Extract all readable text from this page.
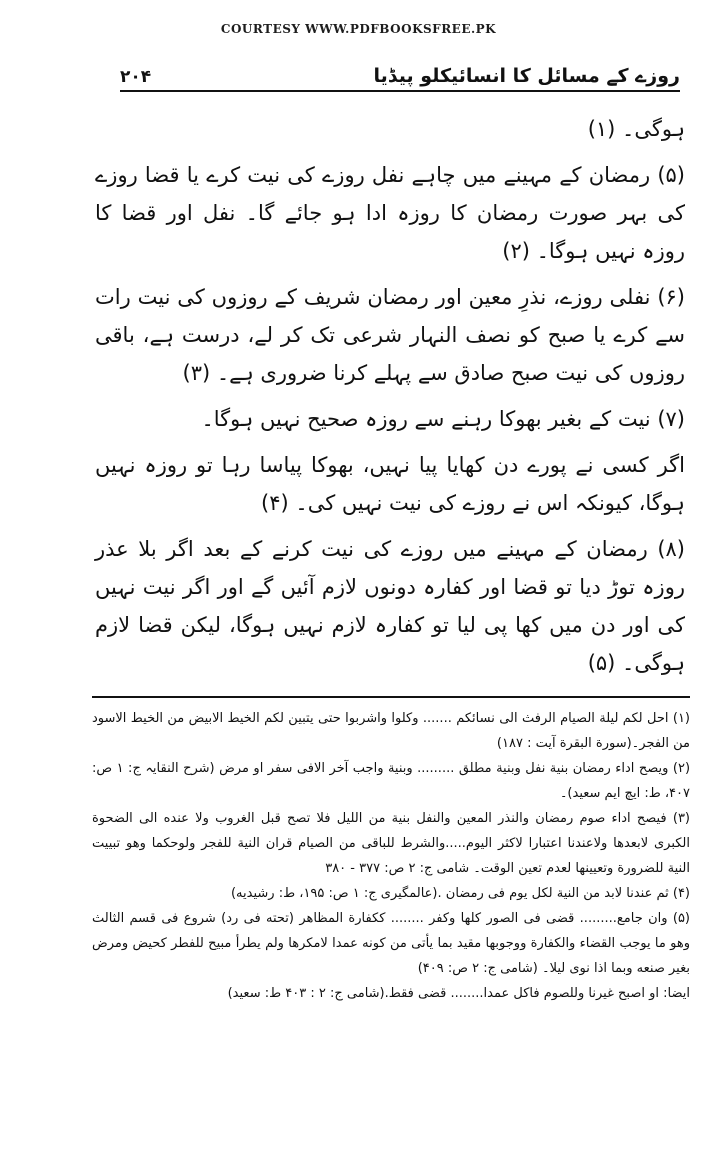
COURTESY WWW.PDFBOOKSFREE.PK
۲۰۴	روزے کے مسائل کا انسائیکلو پیڈیا

ہوگی۔ (۱)

(۵) رمضان کے مہینے میں چاہے نفل روزے کی نیت کرے یا قضا روزے کی بہر صورت رمضان کا روزہ ادا ہو جائے گا۔ نفل اور قضا کا روزہ نہیں ہوگا۔ (۲)

(۶) نفلی روزے، نذرِ معین اور رمضان شریف کے روزوں کی نیت رات سے کرے یا صبح کو نصف النہار شرعی تک کر لے، درست ہے، باقی روزوں کی نیت صبح صادق سے پہلے کرنا ضروری ہے۔ (۳)

(۷) نیت کے بغیر بھوکا رہنے سے روزہ صحیح نہیں ہوگا۔

اگر کسی نے پورے دن کھایا پیا نہیں، بھوکا پیاسا رہا تو روزہ نہیں ہوگا، کیونکہ اس نے روزے کی نیت نہیں کی۔ (۴)

(۸) رمضان کے مہینے میں روزے کی نیت کرنے کے بعد اگر بلا عذر روزہ توڑ دیا تو قضا اور کفارہ دونوں لازم آئیں گے اور اگر نیت نہیں کی اور دن میں کھا پی لیا تو کفارہ لازم نہیں ہوگا، لیکن قضا لازم ہوگی۔ (۵)

(۱) احل لکم لیلة الصیام الرفث الی نسائکم ....... وکلوا واشربوا حتی یتبین لکم الخیط الابیض من الخیط الاسود من الفجر۔(سورة البقرة آیت : ۱۸۷)

(۲) ویصح اداء رمضان بنیة نفل وبنیة مطلق ......... وبنیة واجب آخر الافی سفر او مرض (شرح النقایہ ج: ۱ ص: ۴۰۷، ط: ایچ ایم سعید)۔

(۳) فیصح اداء صوم رمضان والنذر المعین والنفل بنیة من اللیل فلا تصح قبل الغروب ولا عنده الی الضحوة الکبری لابعدها ولاعندنا اعتبارا لاکثر الیوم.....والشرط للباقی من الصیام قران النیة للفجر ولوحکما وهو تبییت النیة للضرورة وتعیینها لعدم تعین الوقت۔ شامی ج: ۲ ص: ۳۷۷ - ۳۸۰

(۴) ثم عندنا لابد من النیة لکل یوم فی رمضان .(عالمگیری ج: ۱ ص: ۱۹۵، ط: رشیدیه)

(۵) وان جامع......... قضی فی الصور کلها وکفر ........ ککفارة المظاهر (تحته فی رد) شروع فی قسم الثالث وهو ما یوجب القضاء والکفارة ووجوبها مقید بما یأتی من کونه عمدا لامکرها ولم یطرأ مبیح للفطر کحیض ومرض بغیر صنعه وبما اذا نوی لیلا۔ (شامی ج: ۲ ص: ۴۰۹)

ایضا: او اصبح غیرنا وللصوم فاکل عمدا........ قضی فقط.(شامی ج: ۲ : ۴۰۳ ط: سعید)
